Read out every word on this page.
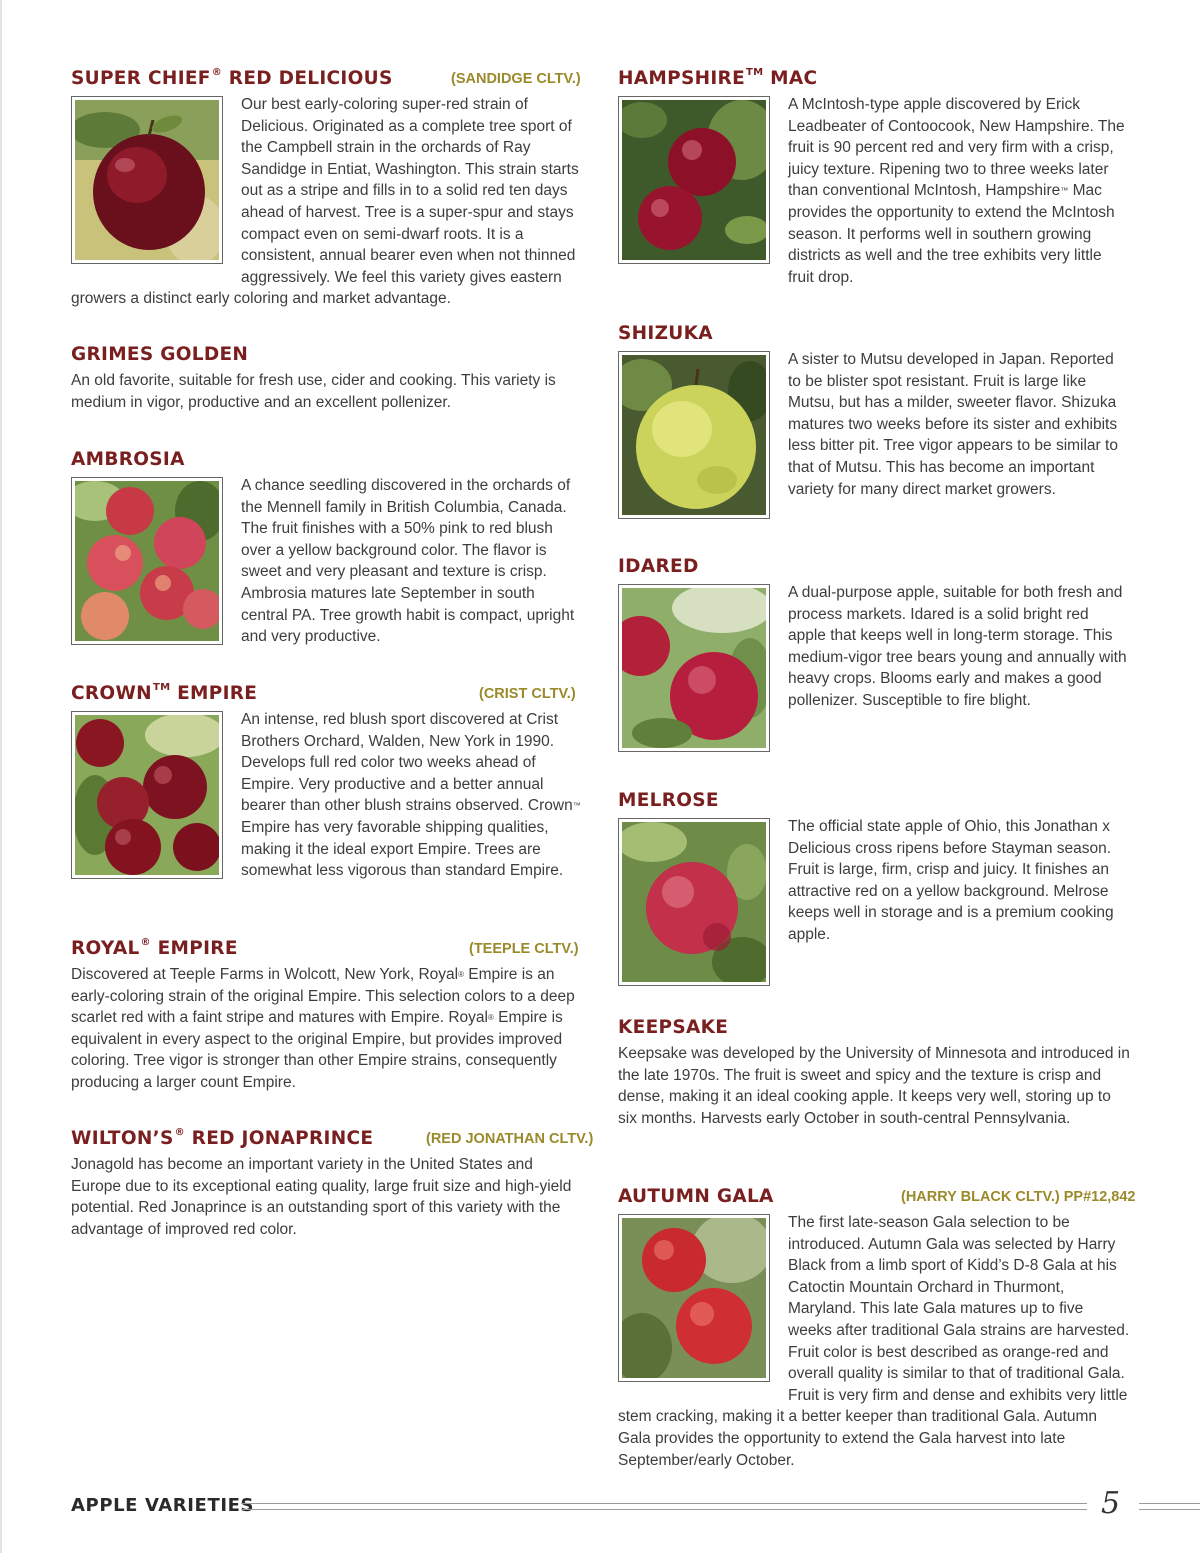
SUPER CHIEF® RED DELICIOUS	(SANDIDGE CLTV.)
Our best early-coloring super-red strain of Delicious. Originated as a complete tree sport of the Campbell strain in the orchards of Ray Sandidge in Entiat, Washington. This strain starts out as a stripe and fills in to a solid red ten days ahead of harvest. Tree is a super-spur and stays compact even on semi-dwarf roots. It is a consistent, annual bearer even when not thinned aggressively. We feel this variety gives eastern growers a distinct early coloring and market advantage.
GRIMES GOLDEN
An old favorite, suitable for fresh use, cider and cooking. This variety is medium in vigor, productive and an excellent pollenizer.
AMBROSIA
A chance seedling discovered in the orchards of the Mennell family in British Columbia, Canada. The fruit finishes with a 50% pink to red blush over a yellow background color. The flavor is sweet and very pleasant and texture is crisp. Ambrosia matures late September in south central PA. Tree growth habit is compact, upright and very productive.
CROWN™ EMPIRE	(CRIST CLTV.)
An intense, red blush sport discovered at Crist Brothers Orchard, Walden, New York in 1990. Develops full red color two weeks ahead of Empire. Very productive and a better annual bearer than other blush strains observed. Crown™ Empire has very favorable shipping qualities, making it the ideal export Empire. Trees are somewhat less vigorous than standard Empire.
ROYAL® EMPIRE	(TEEPLE CLTV.)
Discovered at Teeple Farms in Wolcott, New York, Royal® Empire is an early-coloring strain of the original Empire. This selection colors to a deep scarlet red with a faint stripe and matures with Empire. Royal® Empire is equivalent in every aspect to the original Empire, but provides improved coloring. Tree vigor is stronger than other Empire strains, consequently producing a larger count Empire.
WILTON’S® RED JONAPRINCE	(RED JONATHAN CLTV.)
Jonagold has become an important variety in the United States and Europe due to its exceptional eating quality, large fruit size and high-yield potential. Red Jonaprince is an outstanding sport of this variety with the advantage of improved red color.
HAMPSHIRE™ MAC
A McIntosh-type apple discovered by Erick Leadbeater of Contoocook, New Hampshire. The fruit is 90 percent red and very firm with a crisp, juicy texture. Ripening two to three weeks later than conventional McIntosh, Hampshire™ Mac provides the opportunity to extend the McIntosh season. It performs well in southern growing districts as well and the tree exhibits very little fruit drop.
SHIZUKA
A sister to Mutsu developed in Japan. Reported to be blister spot resistant. Fruit is large like Mutsu, but has a milder, sweeter flavor. Shizuka matures two weeks before its sister and exhibits less bitter pit. Tree vigor appears to be similar to that of Mutsu. This has become an important variety for many direct market growers.
IDARED
A dual-purpose apple, suitable for both fresh and process markets. Idared is a solid bright red apple that keeps well in long-term storage. This medium-vigor tree bears young and annually with heavy crops. Blooms early and makes a good pollenizer. Susceptible to fire blight.
MELROSE
The official state apple of Ohio, this Jonathan x Delicious cross ripens before Stayman season. Fruit is large, firm, crisp and juicy. It finishes an attractive red on a yellow background. Melrose keeps well in storage and is a premium cooking apple.
KEEPSAKE
Keepsake was developed by the University of Minnesota and introduced in the late 1970s. The fruit is sweet and spicy and the texture is crisp and dense, making it an ideal cooking apple. It keeps very well, storing up to six months. Harvests early October in south-central Pennsylvania.
AUTUMN GALA	(HARRY BLACK CLTV.) PP#12,842
The first late-season Gala selection to be introduced. Autumn Gala was selected by Harry Black from a limb sport of Kidd’s D-8 Gala at his Catoctin Mountain Orchard in Thurmont, Maryland. This late Gala matures up to five weeks after traditional Gala strains are harvested. Fruit color is best described as orange-red and overall quality is similar to that of traditional Gala. Fruit is very firm and dense and exhibits very little stem cracking, making it a better keeper than traditional Gala. Autumn Gala provides the opportunity to extend the Gala harvest into late September/early October.
APPLE VARIETIES	5
